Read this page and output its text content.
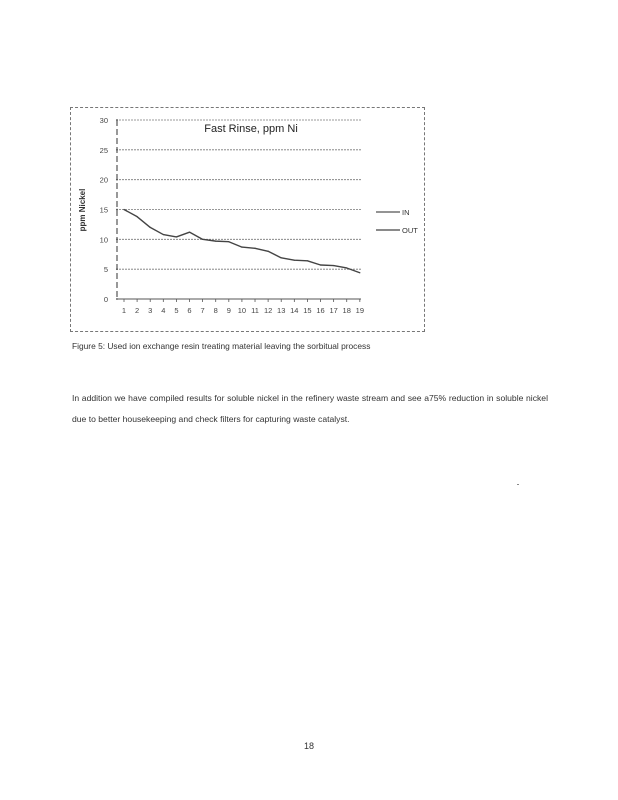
Fast Rinse, ppm Ni
ppm Nickel
0
5
10
15
20
25
30
1 2 3 4 5 6 7 8 9 10 11 12 13 14 15 16 17 18 19
IN
OUT
Figure 5: Used ion exchange resin treating material leaving the sorbitual process
In addition we have compiled results for soluble nickel in the refinery waste stream and see a75% reduction in soluble nickel due to better housekeeping and check filters for capturing waste catalyst.
18
